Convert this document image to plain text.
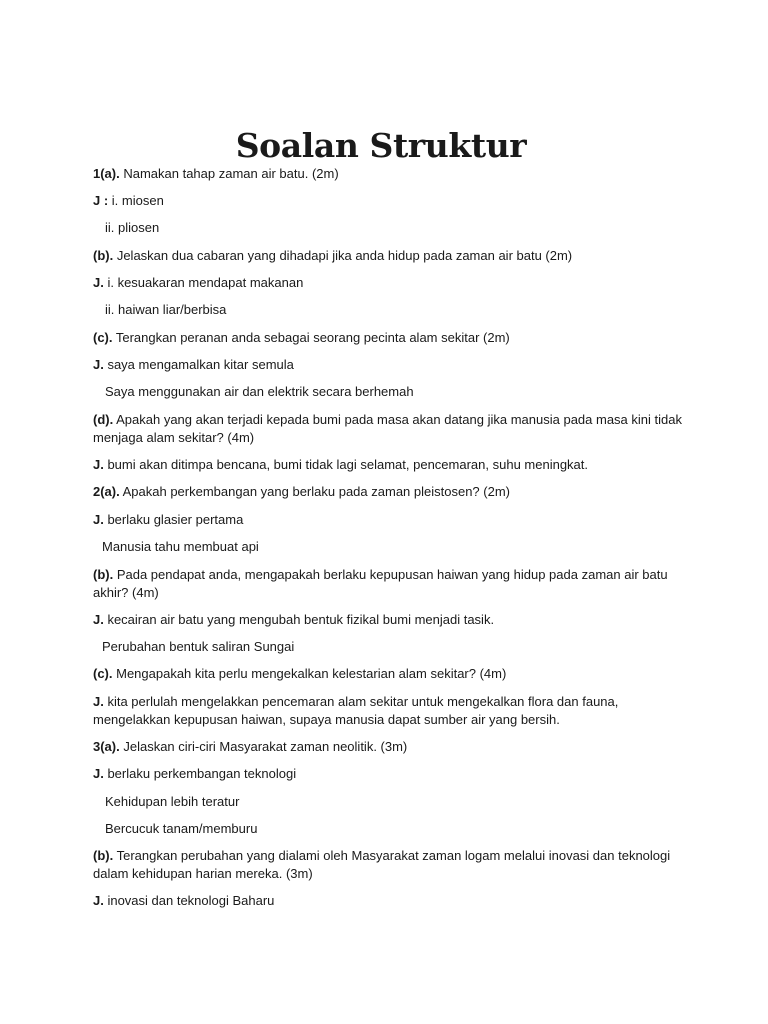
Soalan Struktur

1(a). Namakan tahap zaman air batu. (2m)

J : i. miosen

ii. pliosen

(b). Jelaskan dua cabaran yang dihadapi jika anda hidup pada zaman air batu (2m)

J. i. kesuakaran mendapat makanan

ii. haiwan liar/berbisa

(c). Terangkan peranan anda sebagai seorang pecinta alam sekitar (2m)

J. saya mengamalkan kitar semula

Saya menggunakan air dan elektrik secara berhemah

(d). Apakah yang akan terjadi kepada bumi pada masa akan datang jika manusia pada masa kini tidak menjaga alam sekitar? (4m)

J. bumi akan ditimpa bencana, bumi tidak lagi selamat, pencemaran, suhu meningkat.

2(a). Apakah perkembangan yang berlaku pada zaman pleistosen? (2m)

J. berlaku glasier pertama

Manusia tahu membuat api

(b). Pada pendapat anda, mengapakah berlaku kepupusan haiwan yang hidup pada zaman air batu akhir? (4m)

J. kecairan air batu yang mengubah bentuk fizikal bumi menjadi tasik.

Perubahan bentuk saliran Sungai

(c). Mengapakah kita perlu mengekalkan kelestarian alam sekitar? (4m)

J. kita perlulah mengelakkan pencemaran alam sekitar untuk mengekalkan flora dan fauna, mengelakkan kepupusan haiwan, supaya manusia dapat sumber air yang bersih.

3(a). Jelaskan ciri-ciri Masyarakat zaman neolitik. (3m)

J. berlaku perkembangan teknologi

Kehidupan lebih teratur

Bercucuk tanam/memburu

(b). Terangkan perubahan yang dialami oleh Masyarakat zaman logam melalui inovasi dan teknologi dalam kehidupan harian mereka. (3m)

J. inovasi dan teknologi Baharu
